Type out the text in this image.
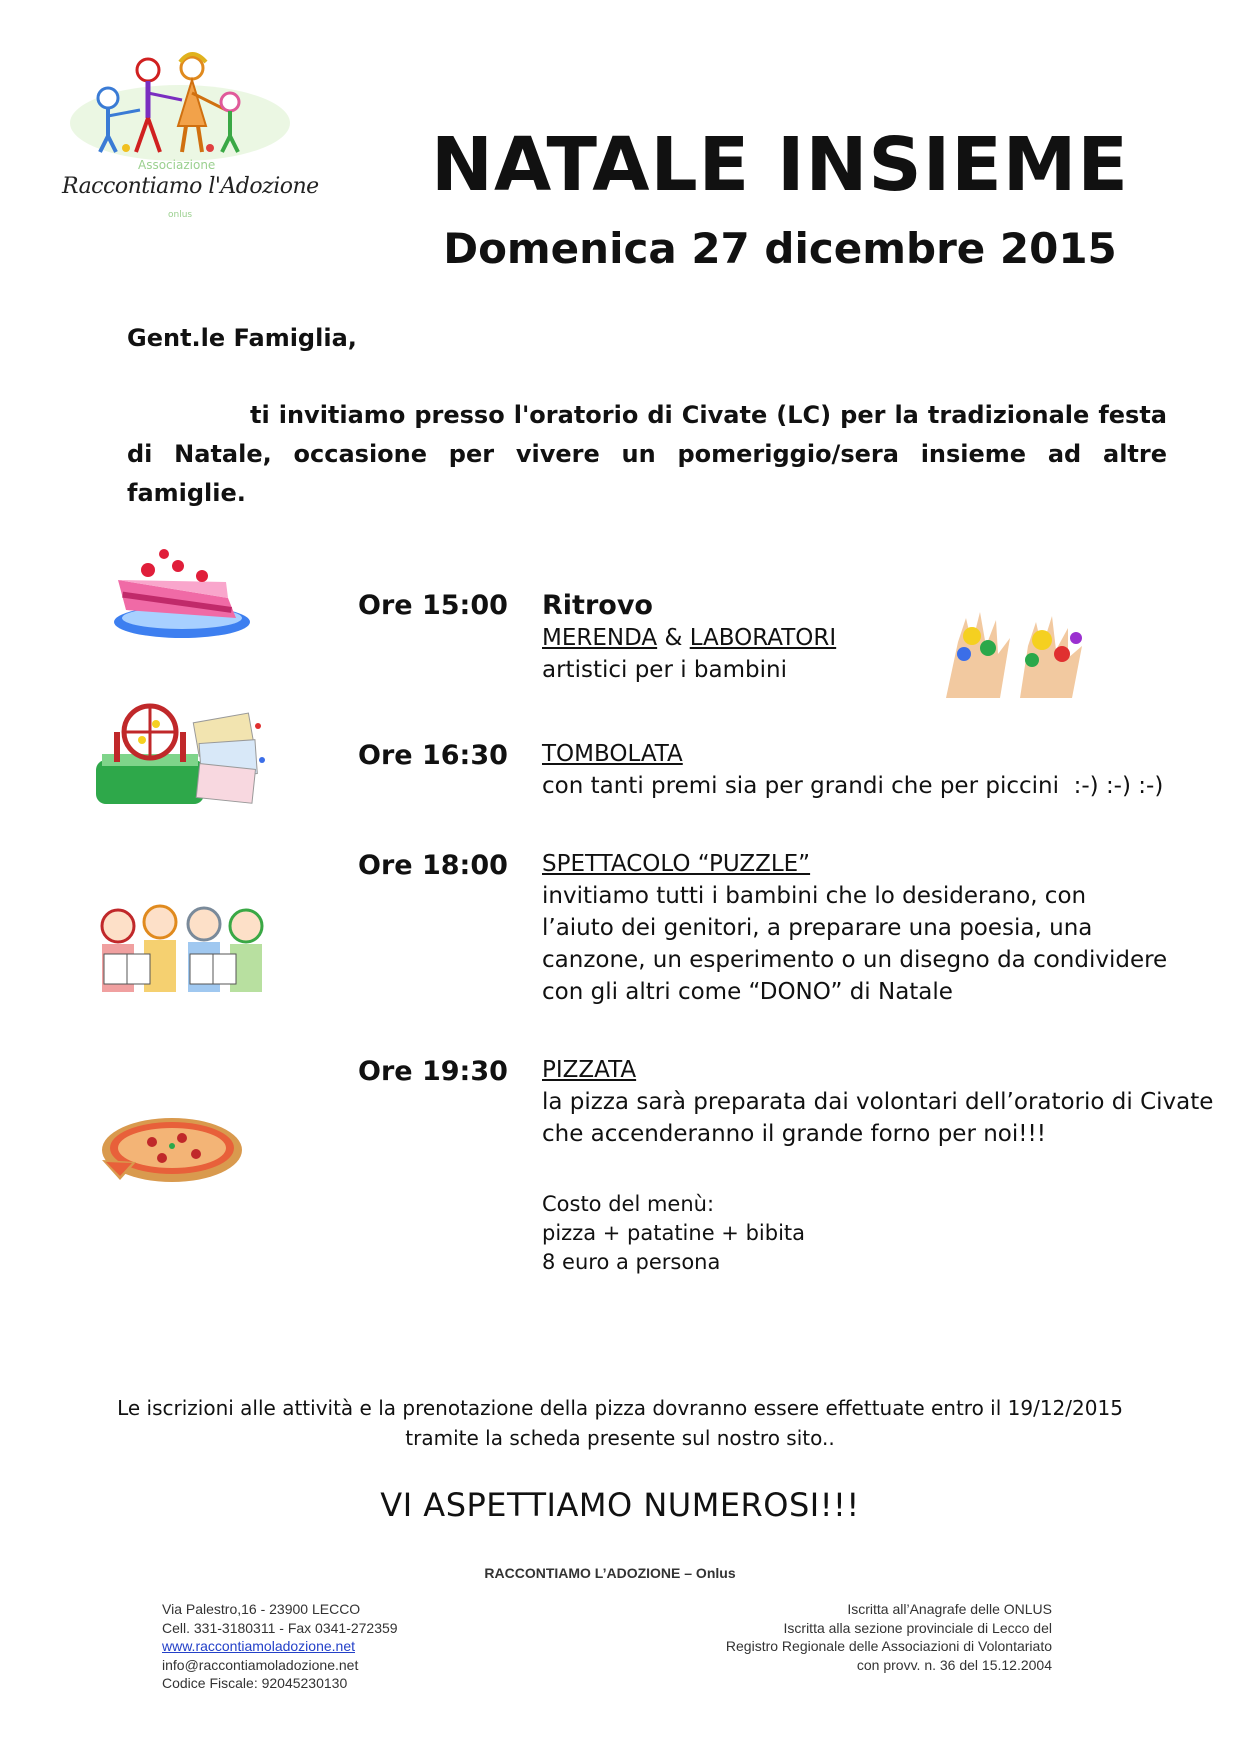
Associazione
Raccontiamo l'Adozione
onlus
NATALE INSIEME
Domenica 27 dicembre 2015
Gent.le Famiglia,
ti invitiamo presso l'oratorio di Civate (LC) per la tradizionale festa di Natale, occasione per vivere un pomeriggio/sera insieme ad altre famiglie.
Ore 15:00 Ritrovo
MERENDA & LABORATORI
artistici per i bambini
Ore 16:30 TOMBOLATA
con tanti premi sia per grandi che per piccini  :-) :-) :-)
Ore 18:00 SPETTACOLO “PUZZLE”
invitiamo tutti i bambini che lo desiderano, con
l’aiuto dei genitori, a preparare una poesia, una
canzone, un esperimento o un disegno da condividere
con gli altri come “DONO” di Natale
Ore 19:30 PIZZATA
la pizza sarà preparata dai volontari dell’oratorio di Civate
che accenderanno il grande forno per noi!!!
Costo del menù:
pizza + patatine + bibita
8 euro a persona
Le iscrizioni alle attività e la prenotazione della pizza dovranno essere effettuate entro il 19/12/2015
tramite la scheda presente sul nostro sito..
VI ASPETTIAMO NUMEROSI!!!
RACCONTIAMO L’ADOZIONE – Onlus
Via Palestro,16 - 23900 LECCO
Cell. 331-3180311 - Fax 0341-272359
www.raccontiamoladozione.net
info@raccontiamoladozione.net
Codice Fiscale: 92045230130
Iscritta all’Anagrafe delle ONLUS
Iscritta alla sezione provinciale di Lecco del
Registro Regionale delle Associazioni di Volontariato
con provv. n. 36 del 15.12.2004
